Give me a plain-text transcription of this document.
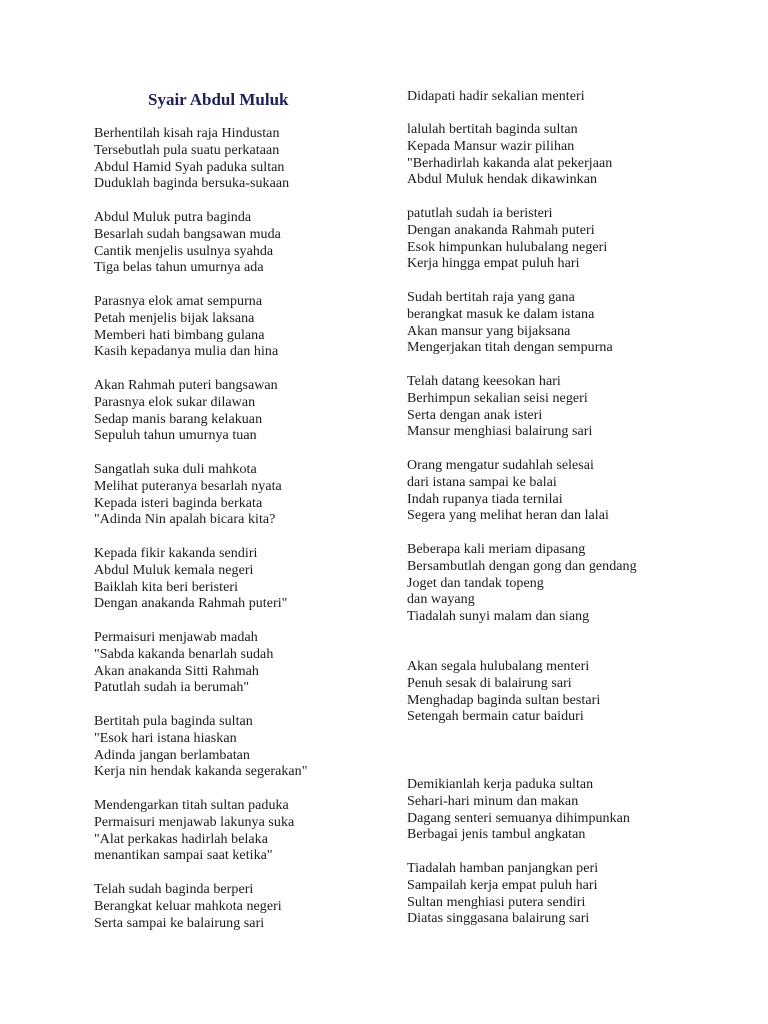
Syair Abdul Muluk
Berhentilah kisah raja Hindustan
Tersebutlah pula suatu perkataan
Abdul Hamid Syah paduka sultan
Duduklah baginda bersuka-sukaan
Abdul Muluk putra baginda
Besarlah sudah bangsawan muda
Cantik menjelis usulnya syahda
Tiga belas tahun umurnya ada
Parasnya elok amat sempurna
Petah menjelis bijak laksana
Memberi hati bimbang gulana
Kasih kepadanya mulia dan hina
Akan Rahmah puteri bangsawan
Parasnya elok sukar dilawan
Sedap manis barang kelakuan
Sepuluh tahun umurnya tuan
Sangatlah suka duli mahkota
Melihat puteranya besarlah nyata
Kepada isteri baginda berkata
"Adinda Nin apalah bicara kita?
Kepada fikir kakanda sendiri
Abdul Muluk kemala negeri
Baiklah kita beri beristeri
Dengan anakanda Rahmah puteri"
Permaisuri menjawab madah
"Sabda kakanda benarlah sudah
Akan anakanda Sitti Rahmah
Patutlah sudah ia berumah"
Bertitah pula baginda sultan
"Esok hari istana hiaskan
Adinda jangan berlambatan
Kerja nin hendak kakanda segerakan"
Mendengarkan titah sultan paduka
Permaisuri menjawab lakunya suka
"Alat perkakas hadirlah belaka
menantikan sampai saat ketika"
Telah sudah baginda berperi
Berangkat keluar mahkota negeri
Serta sampai ke balairung sari
Didapati hadir sekalian menteri
lalulah bertitah baginda sultan
Kepada Mansur wazir pilihan
"Berhadirlah kakanda alat pekerjaan
Abdul Muluk hendak dikawinkan
patutlah sudah ia beristeri
Dengan anakanda Rahmah puteri
Esok himpunkan hulubalang negeri
Kerja hingga empat puluh hari
Sudah bertitah raja yang gana
berangkat masuk ke dalam istana
Akan mansur yang bijaksana
Mengerjakan titah dengan sempurna
Telah datang keesokan hari
Berhimpun sekalian seisi negeri
Serta dengan anak isteri
Mansur menghiasi balairung sari
Orang mengatur sudahlah selesai
dari istana sampai ke balai
Indah rupanya tiada ternilai
Segera yang melihat heran dan lalai
Beberapa kali meriam dipasang
Bersambutlah dengan gong dan gendang
Joget dan tandak topeng
dan wayang
Tiadalah sunyi malam dan siang
Akan segala hulubalang menteri
Penuh sesak di balairung sari
Menghadap baginda sultan bestari
Setengah bermain catur baiduri
Demikianlah kerja paduka sultan
Sehari-hari minum dan makan
Dagang senteri semuanya dihimpunkan
Berbagai jenis tambul angkatan
Tiadalah hamban panjangkan peri
Sampailah kerja empat puluh hari
Sultan menghiasi putera sendiri
Diatas singgasana balairung sari
